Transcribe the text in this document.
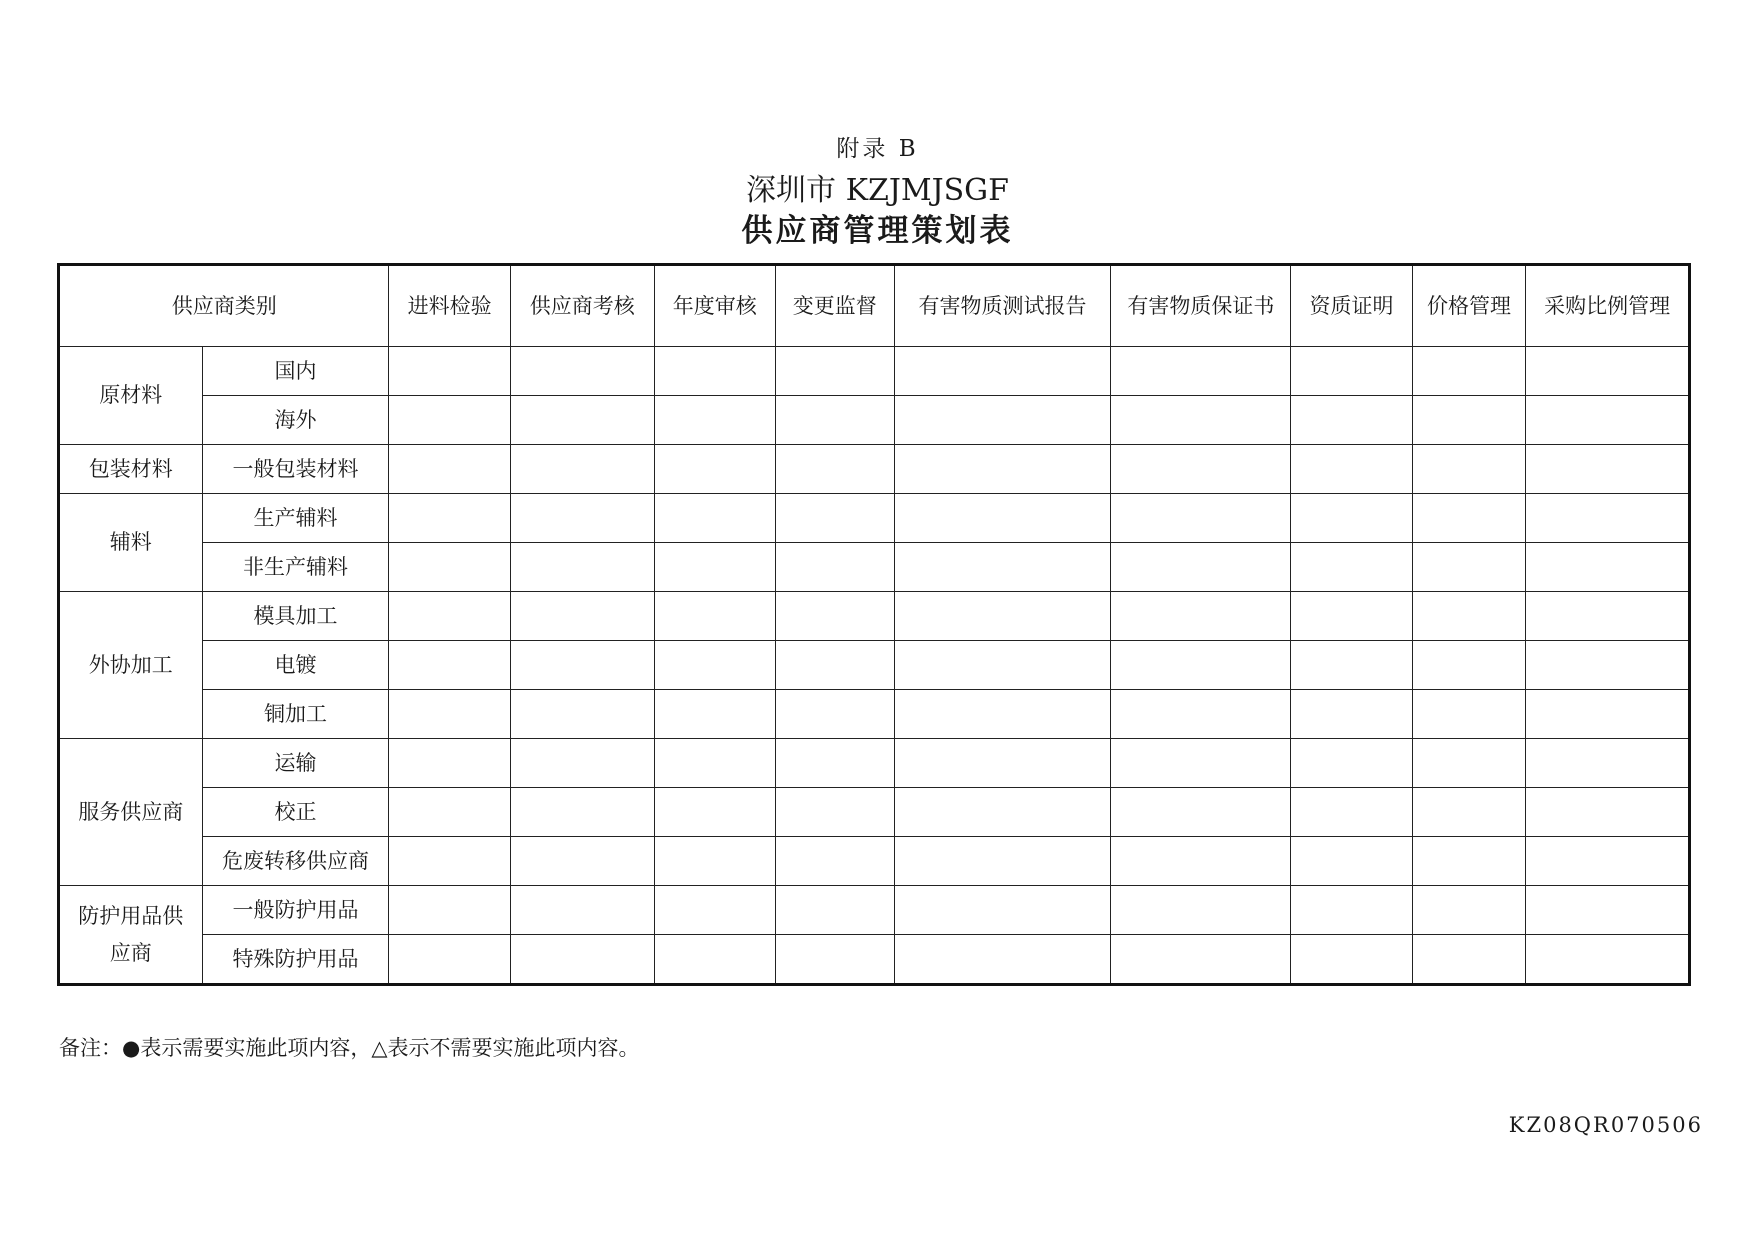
附录 B
深圳市 KZJMJSGF
供应商管理策划表
供应商类别		进料检验	供应商考核	年度审核	变更监督	有害物质测试报告	有害物质保证书	资质证明	价格管理	采购比例管理

原材料	国内									
	海外									

包装材料	一般包装材料									

辅料	生产辅料									
	非生产辅料									

外协加工	模具加工									
	电镀									
	铜加工									

服务供应商	运输									
	校正									
	危废转移供应商									

防护用品供应商	一般防护用品									
	特殊防护用品									
备注：●表示需要实施此项内容，△表示不需要实施此项内容。
KZ08QR070506
